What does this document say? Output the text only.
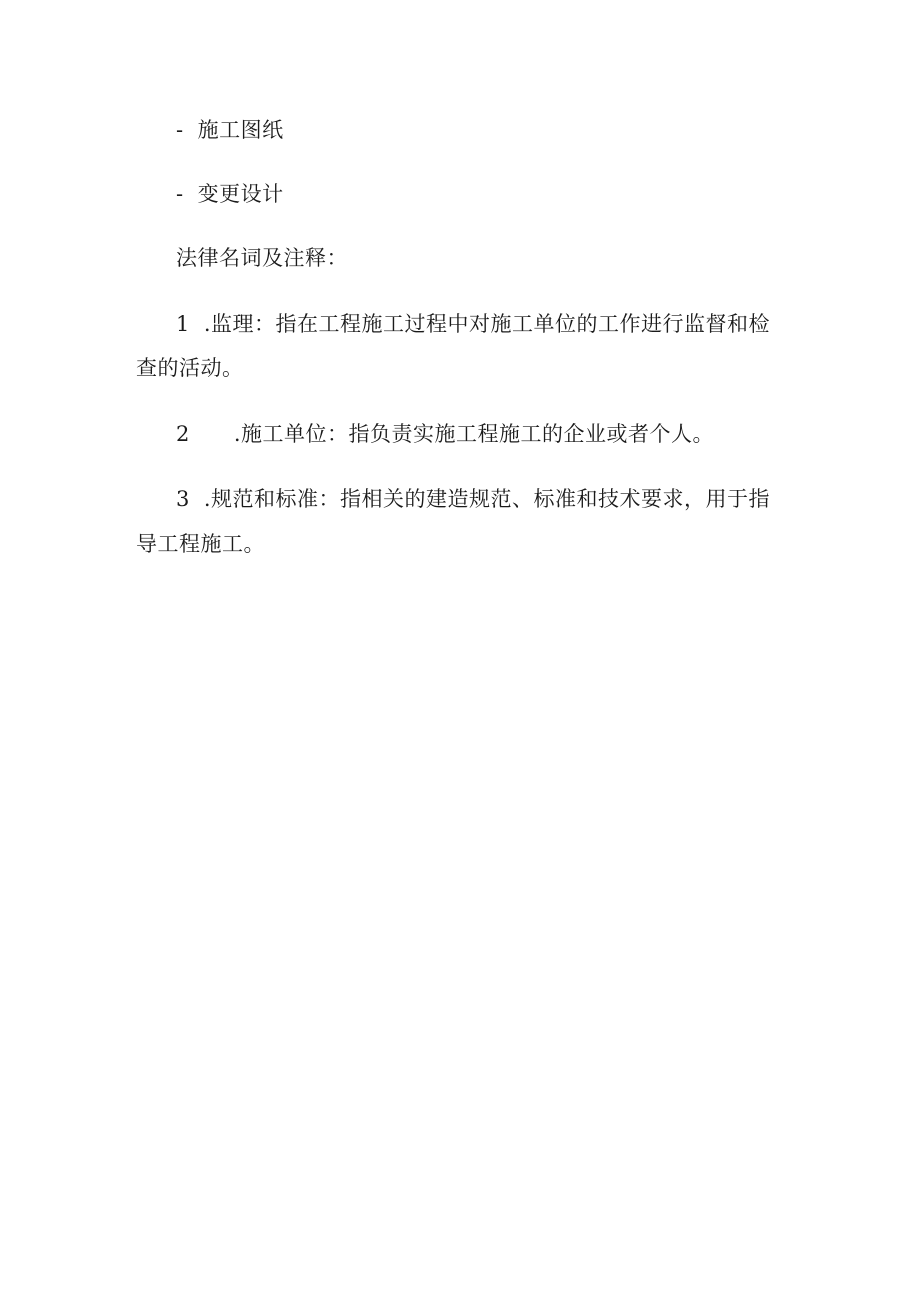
- 施工图纸
- 变更设计
法律名词及注释：
1 .监理：指在工程施工过程中对施工单位的工作进行监督和检
查的活动。
2 .施工单位：指负责实施工程施工的企业或者个人。
3 .规范和标准：指相关的建造规范、标准和技术要求，用于指
导工程施工。
